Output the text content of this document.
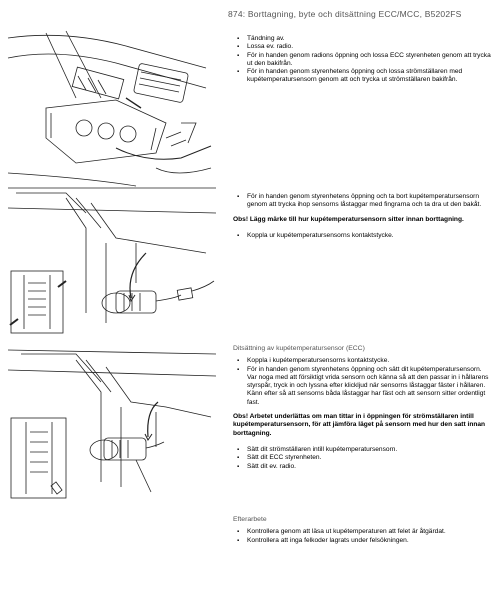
874: Borttagning, byte och ditsättning ECC/MCC, B5202FS
▪ Tändning av.
▪ Lossa ev. radio.
▪ För in handen genom radions öppning och lossa ECC styrenheten genom att trycka ut den bakifrån.
▪ För in handen genom styrenhetens öppning och lossa strömställaren med kupétemperatursensorn genom att och trycka ut strömställaren bakifrån.
▪ För in handen genom styrenhetens öppning och ta bort kupétemperatursensorn genom att trycka ihop sensorns låstaggar med fingrarna och ta dra ut den bakåt.
Obs! Lägg märke till hur kupétemperatursensorn sitter innan borttagning.
▪ Koppla ur kupétemperatursensorns kontaktstycke.
Ditsättning av kupétemperatursensor (ECC)
▪ Koppla i kupétemperatursensorns kontaktstycke.
▪ För in handen genom styrenhetens öppning och sätt dit kupétemperatursensorn. Var noga med att försiktigt vrida sensorn och känna så att den passar in i hållarens styrspår, tryck in och lyssna efter klickljud när sensorns låstaggar fäster i hållaren. Känn efter så att sensorns båda låstaggar har fäst och att sensorn sitter ordentligt fast.
Obs! Arbetet underlättas om man tittar in i öppningen för strömställaren intill kupétemperatursensorn, för att jämföra läget på sensorn med hur den satt innan borttagning.
▪ Sätt dit strömställaren intill kupétemperatursensorn.
▪ Sätt dit ECC styrenheten.
▪ Sätt dit ev. radio.
Efterarbete
▪ Kontrollera genom att läsa ut kupétemperaturen att felet är åtgärdat.
▪ Kontrollera att inga felkoder lagrats under felsökningen.
